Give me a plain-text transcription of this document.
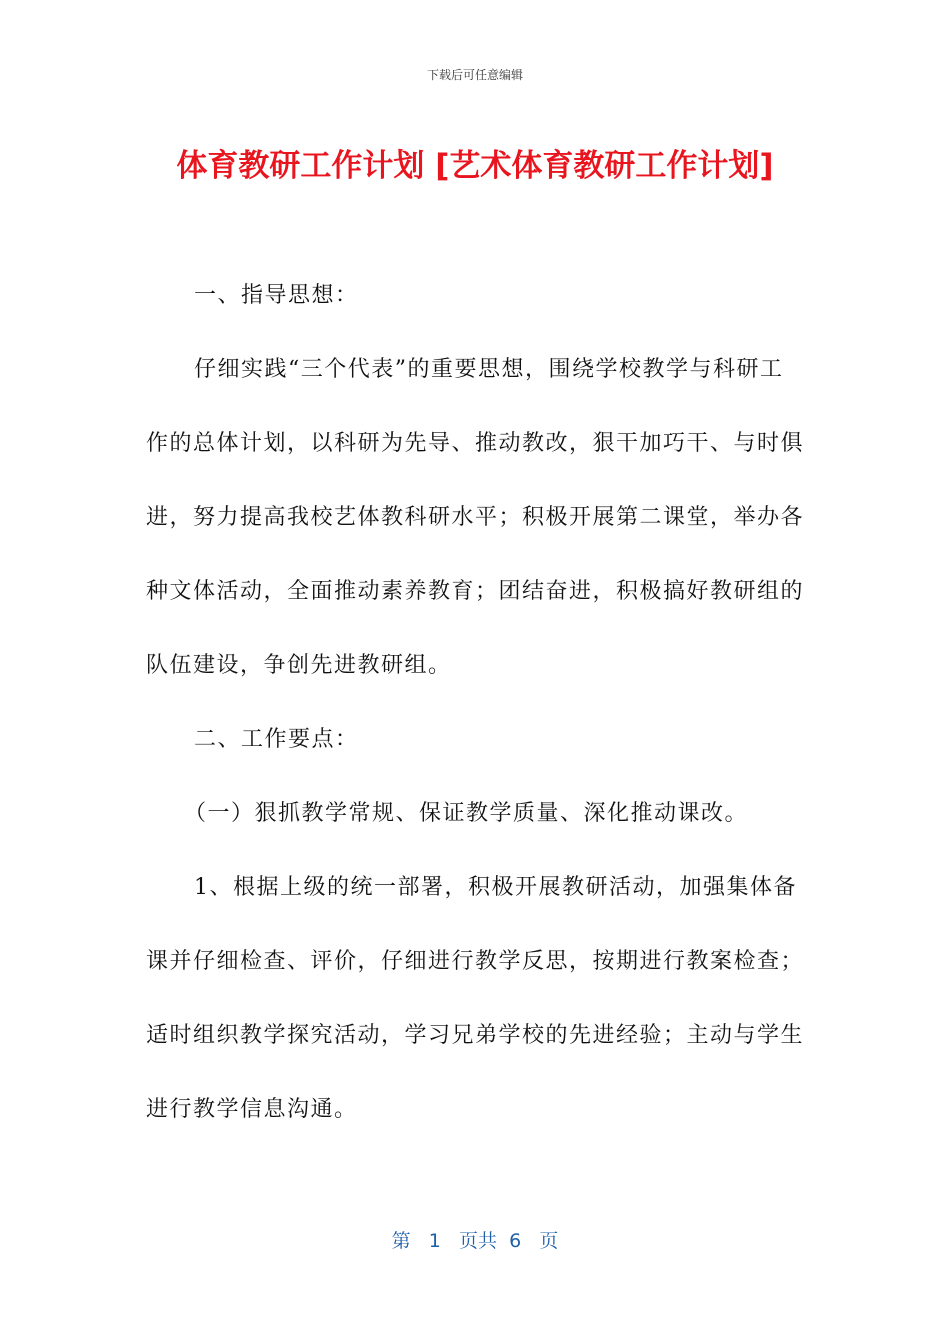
下载后可任意编辑
体育教研工作计划 [艺术体育教研工作计划]

一、指导思想：

仔细实践“三个代表”的重要思想，围绕学校教学与科研工作的总体计划，以科研为先导、推动教改，狠干加巧干、与时俱进，努力提高我校艺体教科研水平；积极开展第二课堂，举办各种文体活动，全面推动素养教育；团结奋进，积极搞好教研组的队伍建设，争创先进教研组。

二、工作要点：

（一）狠抓教学常规、保证教学质量、深化推动课改。

1、根据上级的统一部署，积极开展教研活动，加强集体备课并仔细检查、评价，仔细进行教学反思，按期进行教案检查；适时组织教学探究活动，学习兄弟学校的先进经验；主动与学生进行教学信息沟通。

第 1 页共 6 页
